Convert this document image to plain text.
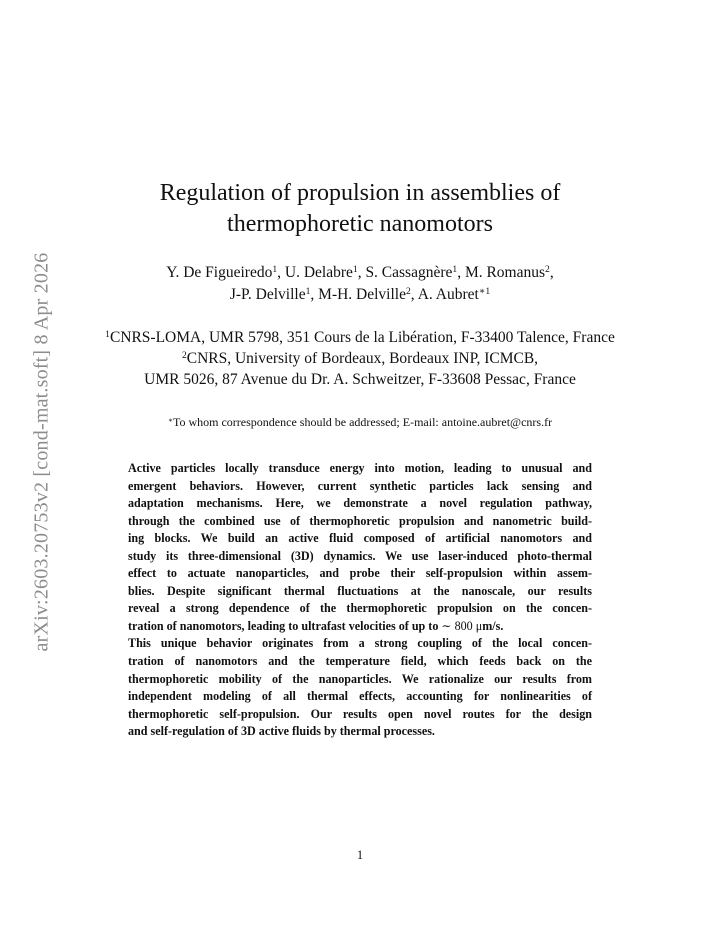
arXiv:2603.20753v2 [cond-mat.soft] 8 Apr 2026
Regulation of propulsion in assemblies of
thermophoretic nanomotors
Y. De Figueiredo$^1$, U. Delabre$^1$, S. Cassagnère$^1$, M. Romanus$^2$,
J-P. Delville$^1$, M-H. Delville$^2$, A. Aubret$^{∗1}$
$^1$CNRS-LOMA, UMR 5798, 351 Cours de la Libération, F-33400 Talence, France
$^2$CNRS, University of Bordeaux, Bordeaux INP, ICMCB,
UMR 5026, 87 Avenue du Dr. A. Schweitzer, F-33608 Pessac, France
∗To whom correspondence should be addressed; E-mail: antoine.aubret@cnrs.fr
Active particles locally transduce energy into motion, leading to unusual and
emergent behaviors. However, current synthetic particles lack sensing and
adaptation mechanisms. Here, we demonstrate a novel regulation pathway,
through the combined use of thermophoretic propulsion and nanometric build-
ing blocks. We build an active fluid composed of artificial nanomotors and
study its three-dimensional (3D) dynamics. We use laser-induced photo-thermal
effect to actuate nanoparticles, and probe their self-propulsion within assem-
blies. Despite significant thermal fluctuations at the nanoscale, our results
reveal a strong dependence of the thermophoretic propulsion on the concen-
tration of nanomotors, leading to ultrafast velocities of up to ∼ 800 μm/s.
This unique behavior originates from a strong coupling of the local concen-
tration of nanomotors and the temperature field, which feeds back on the
thermophoretic mobility of the nanoparticles. We rationalize our results from
independent modeling of all thermal effects, accounting for nonlinearities of
thermophoretic self-propulsion. Our results open novel routes for the design
and self-regulation of 3D active fluids by thermal processes.
1
